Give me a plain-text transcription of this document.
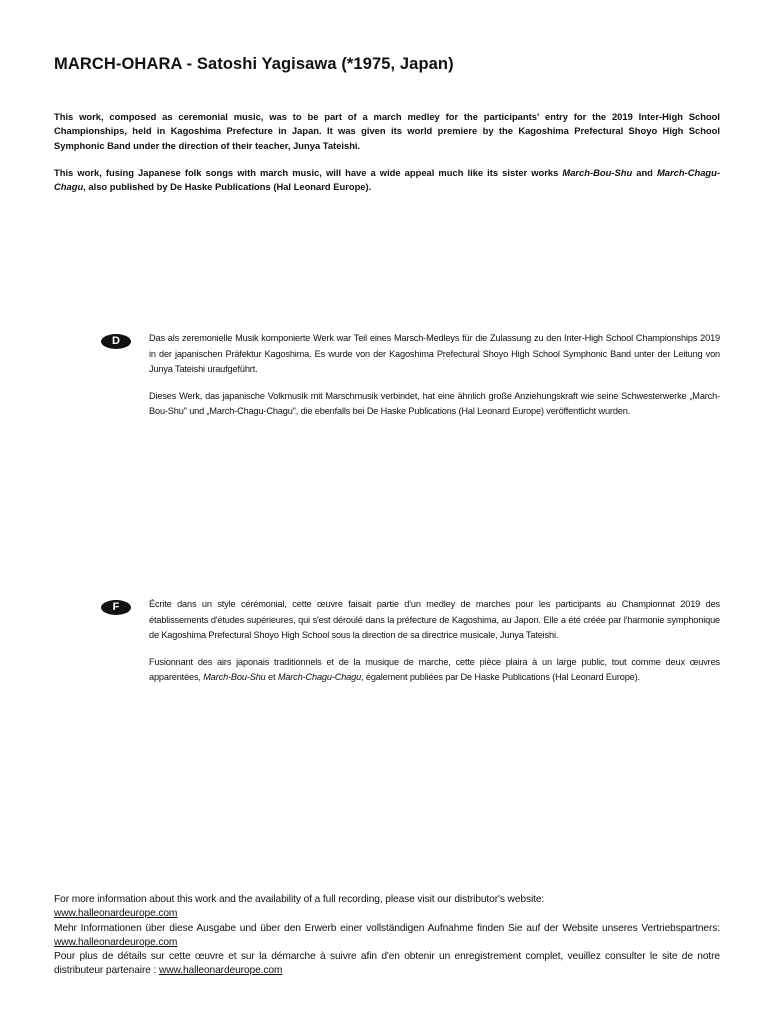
MARCH-OHARA - Satoshi Yagisawa (*1975, Japan)

This work, composed as ceremonial music, was to be part of a march medley for the participants' entry for the 2019 Inter-High School Championships, held in Kagoshima Prefecture in Japan. It was given its world premiere by the Kagoshima Prefectural Shoyo High School Symphonic Band under the direction of their teacher, Junya Tateishi.

This work, fusing Japanese folk songs with march music, will have a wide appeal much like its sister works March-Bou-Shu and March-Chagu-Chagu, also published by De Haske Publications (Hal Leonard Europe).

D	Das als zeremonielle Musik komponierte Werk war Teil eines Marsch-Medleys für die Zulassung zu den Inter-High School Championships 2019 in der japanischen Präfektur Kagoshima. Es wurde von der Kagoshima Prefectural Shoyo High School Symphonic Band unter der Leitung von Junya Tateishi uraufgeführt.

Dieses Werk, das japanische Volkmusik mit Marschmusik verbindet, hat eine ähnlich große Anziehungskraft wie seine Schwesterwerke „March-Bou-Shu" und „March-Chagu-Chagu", die ebenfalls bei De Haske Publications (Hal Leonard Europe) veröffentlicht wurden.

F	Écrite dans un style cérémonial, cette œuvre faisait partie d'un medley de marches pour les participants au Championnat 2019 des établissements d'études supérieures, qui s'est déroulé dans la préfecture de Kagoshima, au Japon. Elle a été créée par l'harmonie symphonique de Kagoshima Prefectural Shoyo High School sous la direction de sa directrice musicale, Junya Tateishi.

Fusionnant des airs japonais traditionnels et de la musique de marche, cette pièce plaira à un large public, tout comme deux œuvres apparentées, March-Bou-Shu et March-Chagu-Chagu, également publiées par De Haske Publications (Hal Leonard Europe).

For more information about this work and the availability of a full recording, please visit our distributor's website:

www.halleonardeurope.com

Mehr Informationen über diese Ausgabe und über den Erwerb einer vollständigen Aufnahme finden Sie auf der Website unseres Vertriebspartners: www.halleonardeurope.com

Pour plus de détails sur cette œuvre et sur la démarche à suivre afin d'en obtenir un enregistrement complet, veuillez consulter le site de notre distributeur partenaire : www.halleonardeurope.com
